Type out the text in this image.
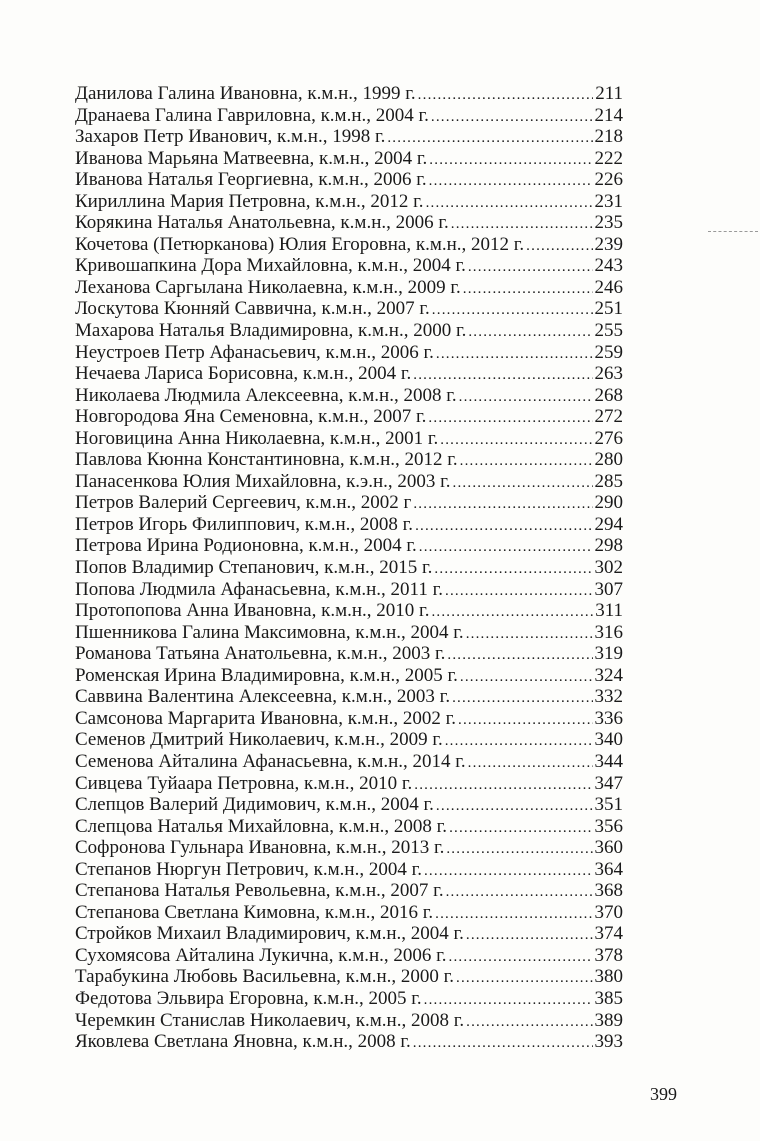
Данилова Галина Ивановна, к.м.н., 1999 г. .....	211
Дранаева Галина Гавриловна, к.м.н., 2004 г. .....	214
Захаров Петр Иванович, к.м.н., 1998 г. .....	218
Иванова Марьяна Матвеевна, к.м.н., 2004 г. .....	222
Иванова Наталья Георгиевна, к.м.н., 2006 г. .....	226
Кириллина Мария Петровна, к.м.н., 2012 г. .....	231
Корякина Наталья Анатольевна, к.м.н., 2006 г. .....	235
Кочетова (Петюрканова) Юлия Егоровна, к.м.н., 2012 г. .....	239
Кривошапкина Дора Михайловна, к.м.н., 2004 г. .....	243
Леханова Саргылана Николаевна, к.м.н., 2009 г. .....	246
Лоскутова Кюнняй Саввична, к.м.н., 2007 г. .....	251
Махарова Наталья Владимировна, к.м.н., 2000 г. .....	255
Неустроев Петр Афанасьевич, к.м.н., 2006 г. .....	259
Нечаева Лариса Борисовна, к.м.н., 2004 г. .....	263
Николаева Людмила Алексеевна, к.м.н., 2008 г. .....	268
Новгородова Яна Семеновна, к.м.н., 2007 г. .....	272
Ноговицина Анна Николаевна, к.м.н., 2001 г. .....	276
Павлова Кюнна Константиновна, к.м.н., 2012 г. .....	280
Панасенкова Юлия Михайловна, к.э.н., 2003 г. .....	285
Петров Валерий Сергеевич, к.м.н., 2002 г .....	290
Петров Игорь Филиппович, к.м.н., 2008 г. .....	294
Петрова Ирина Родионовна, к.м.н., 2004 г. .....	298
Попов Владимир Степанович, к.м.н., 2015 г. .....	302
Попова Людмила Афанасьевна, к.м.н., 2011 г. .....	307
Протопопова Анна Ивановна, к.м.н., 2010 г. .....	311
Пшенникова Галина Максимовна, к.м.н., 2004 г. .....	316
Романова Татьяна Анатольевна, к.м.н., 2003 г. .....	319
Роменская Ирина Владимировна, к.м.н., 2005 г. .....	324
Саввина Валентина Алексеевна, к.м.н., 2003 г. .....	332
Самсонова Маргарита Ивановна, к.м.н., 2002 г. .....	336
Семенов Дмитрий Николаевич, к.м.н., 2009 г. .....	340
Семенова Айталина Афанасьевна, к.м.н., 2014 г. .....	344
Сивцева Туйаара Петровна, к.м.н., 2010 г. .....	347
Слепцов Валерий Дидимович, к.м.н., 2004 г. .....	351
Слепцова Наталья Михайловна, к.м.н., 2008 г. .....	356
Софронова Гульнара Ивановна, к.м.н., 2013 г. .....	360
Степанов Нюргун Петрович, к.м.н., 2004 г. .....	364
Степанова Наталья Револьевна, к.м.н., 2007 г. .....	368
Степанова Светлана Кимовна, к.м.н., 2016 г. .....	370
Стройков Михаил Владимирович, к.м.н., 2004 г. .....	374
Сухомясова Айталина Лукична, к.м.н., 2006 г. .....	378
Тарабукина Любовь Васильевна, к.м.н., 2000 г. .....	380
Федотова Эльвира Егоровна, к.м.н., 2005 г. .....	385
Черемкин Станислав Николаевич, к.м.н., 2008 г. .....	389
Яковлева Светлана Яновна, к.м.н., 2008 г. .....	393
399
